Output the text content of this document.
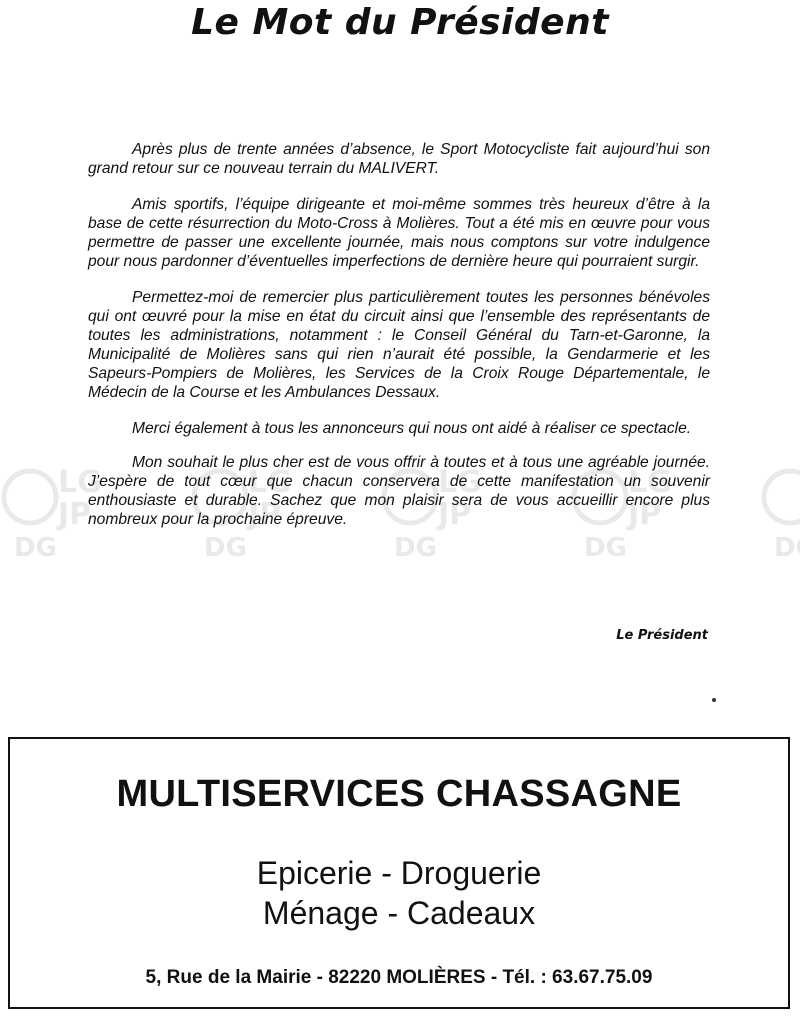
LG
JP
DG
Le Mot du Président

Après plus de trente années d’absence, le Sport Motocycliste fait aujourd’hui son grand retour sur ce nouveau terrain du MALIVERT.

Amis sportifs, l’équipe dirigeante et moi-même sommes très heureux d’être à la base de cette résurrection du Moto-Cross à Molières. Tout a été mis en œuvre pour vous permettre de passer une excellente journée, mais nous comptons sur votre indulgence pour nous pardonner d’éventuelles imperfections de dernière heure qui pourraient surgir.

Permettez-moi de remercier plus particulièrement toutes les personnes bénévoles qui ont œuvré pour la mise en état du circuit ainsi que l’ensemble des représentants de toutes les administrations, notamment : le Conseil Général du Tarn-et-Garonne, la Municipalité de Molières sans qui rien n’aurait été possible, la Gendarmerie et les Sapeurs-Pompiers de Molières, les Services de la Croix Rouge Départementale, le Médecin de la Course et les Ambulances Dessaux.

Merci également à tous les annonceurs qui nous ont aidé à réaliser ce spectacle.

Mon souhait le plus cher est de vous offrir à toutes et à tous une agréable journée. J’espère de tout cœur que chacun conservera de cette manifestation un souvenir enthousiaste et durable. Sachez que mon plaisir sera de vous accueillir encore plus nombreux pour la prochaine épreuve.

Le Président

MULTISERVICES CHASSAGNE

Epicerie - Droguerie

Ménage - Cadeaux

5, Rue de la Mairie - 82220 MOLIÈRES - Tél. : 63.67.75.09
